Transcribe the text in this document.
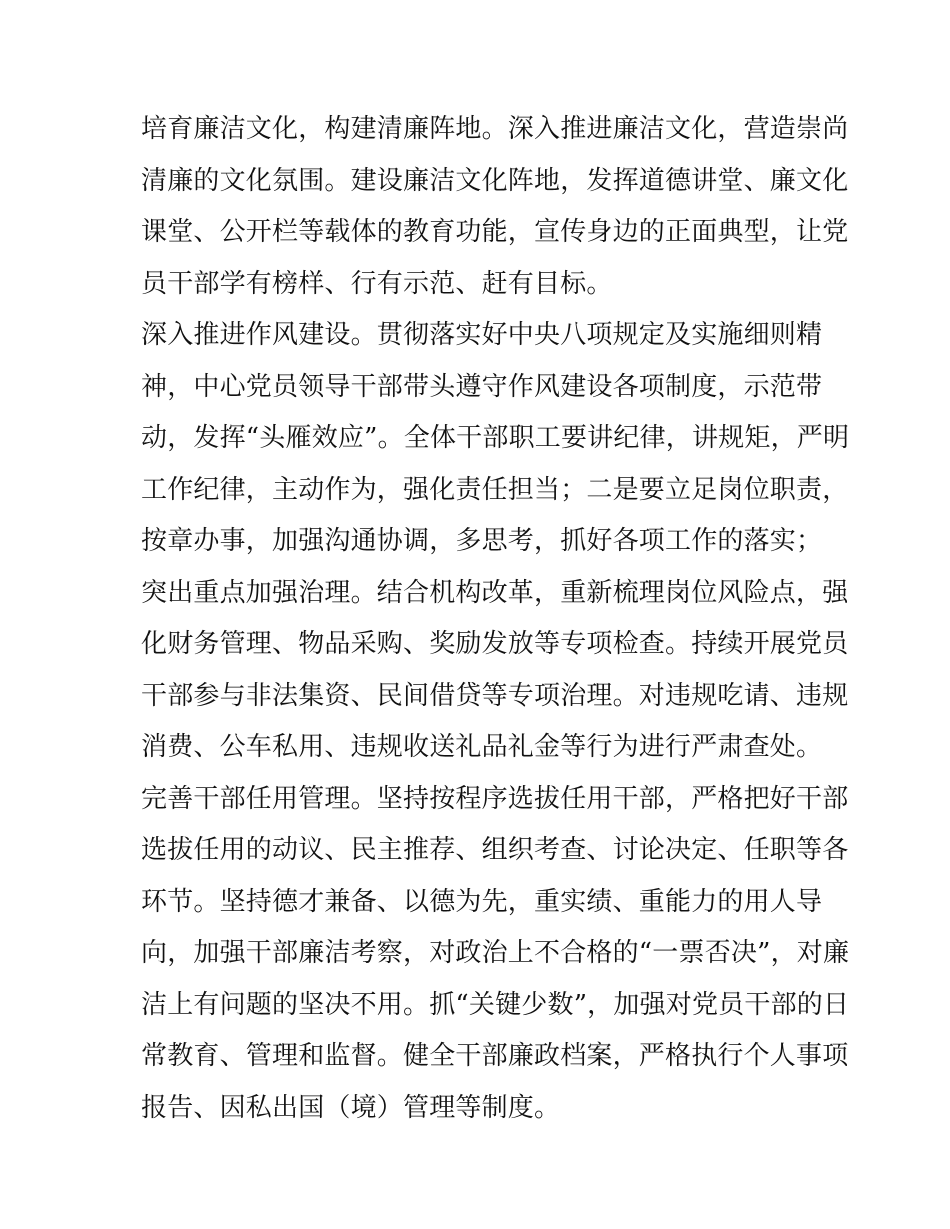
培育廉洁文化，构建清廉阵地。深入推进廉洁文化，营造崇尚
清廉的文化氛围。建设廉洁文化阵地，发挥道德讲堂、廉文化
课堂、公开栏等载体的教育功能，宣传身边的正面典型，让党
员干部学有榜样、行有示范、赶有目标。
深入推进作风建设。贯彻落实好中央八项规定及实施细则精
神，中心党员领导干部带头遵守作风建设各项制度，示范带
动，发挥“头雁效应”。全体干部职工要讲纪律，讲规矩，严明
工作纪律，主动作为，强化责任担当；二是要立足岗位职责，
按章办事，加强沟通协调，多思考，抓好各项工作的落实；
突出重点加强治理。结合机构改革，重新梳理岗位风险点，强
化财务管理、物品采购、奖励发放等专项检查。持续开展党员
干部参与非法集资、民间借贷等专项治理。对违规吃请、违规
消费、公车私用、违规收送礼品礼金等行为进行严肃查处。
完善干部任用管理。坚持按程序选拔任用干部，严格把好干部
选拔任用的动议、民主推荐、组织考查、讨论决定、任职等各
环节。坚持德才兼备、以德为先，重实绩、重能力的用人导
向，加强干部廉洁考察，对政治上不合格的“一票否决”，对廉
洁上有问题的坚决不用。抓“关键少数”，加强对党员干部的日
常教育、管理和监督。健全干部廉政档案，严格执行个人事项
报告、因私出国（境）管理等制度。
